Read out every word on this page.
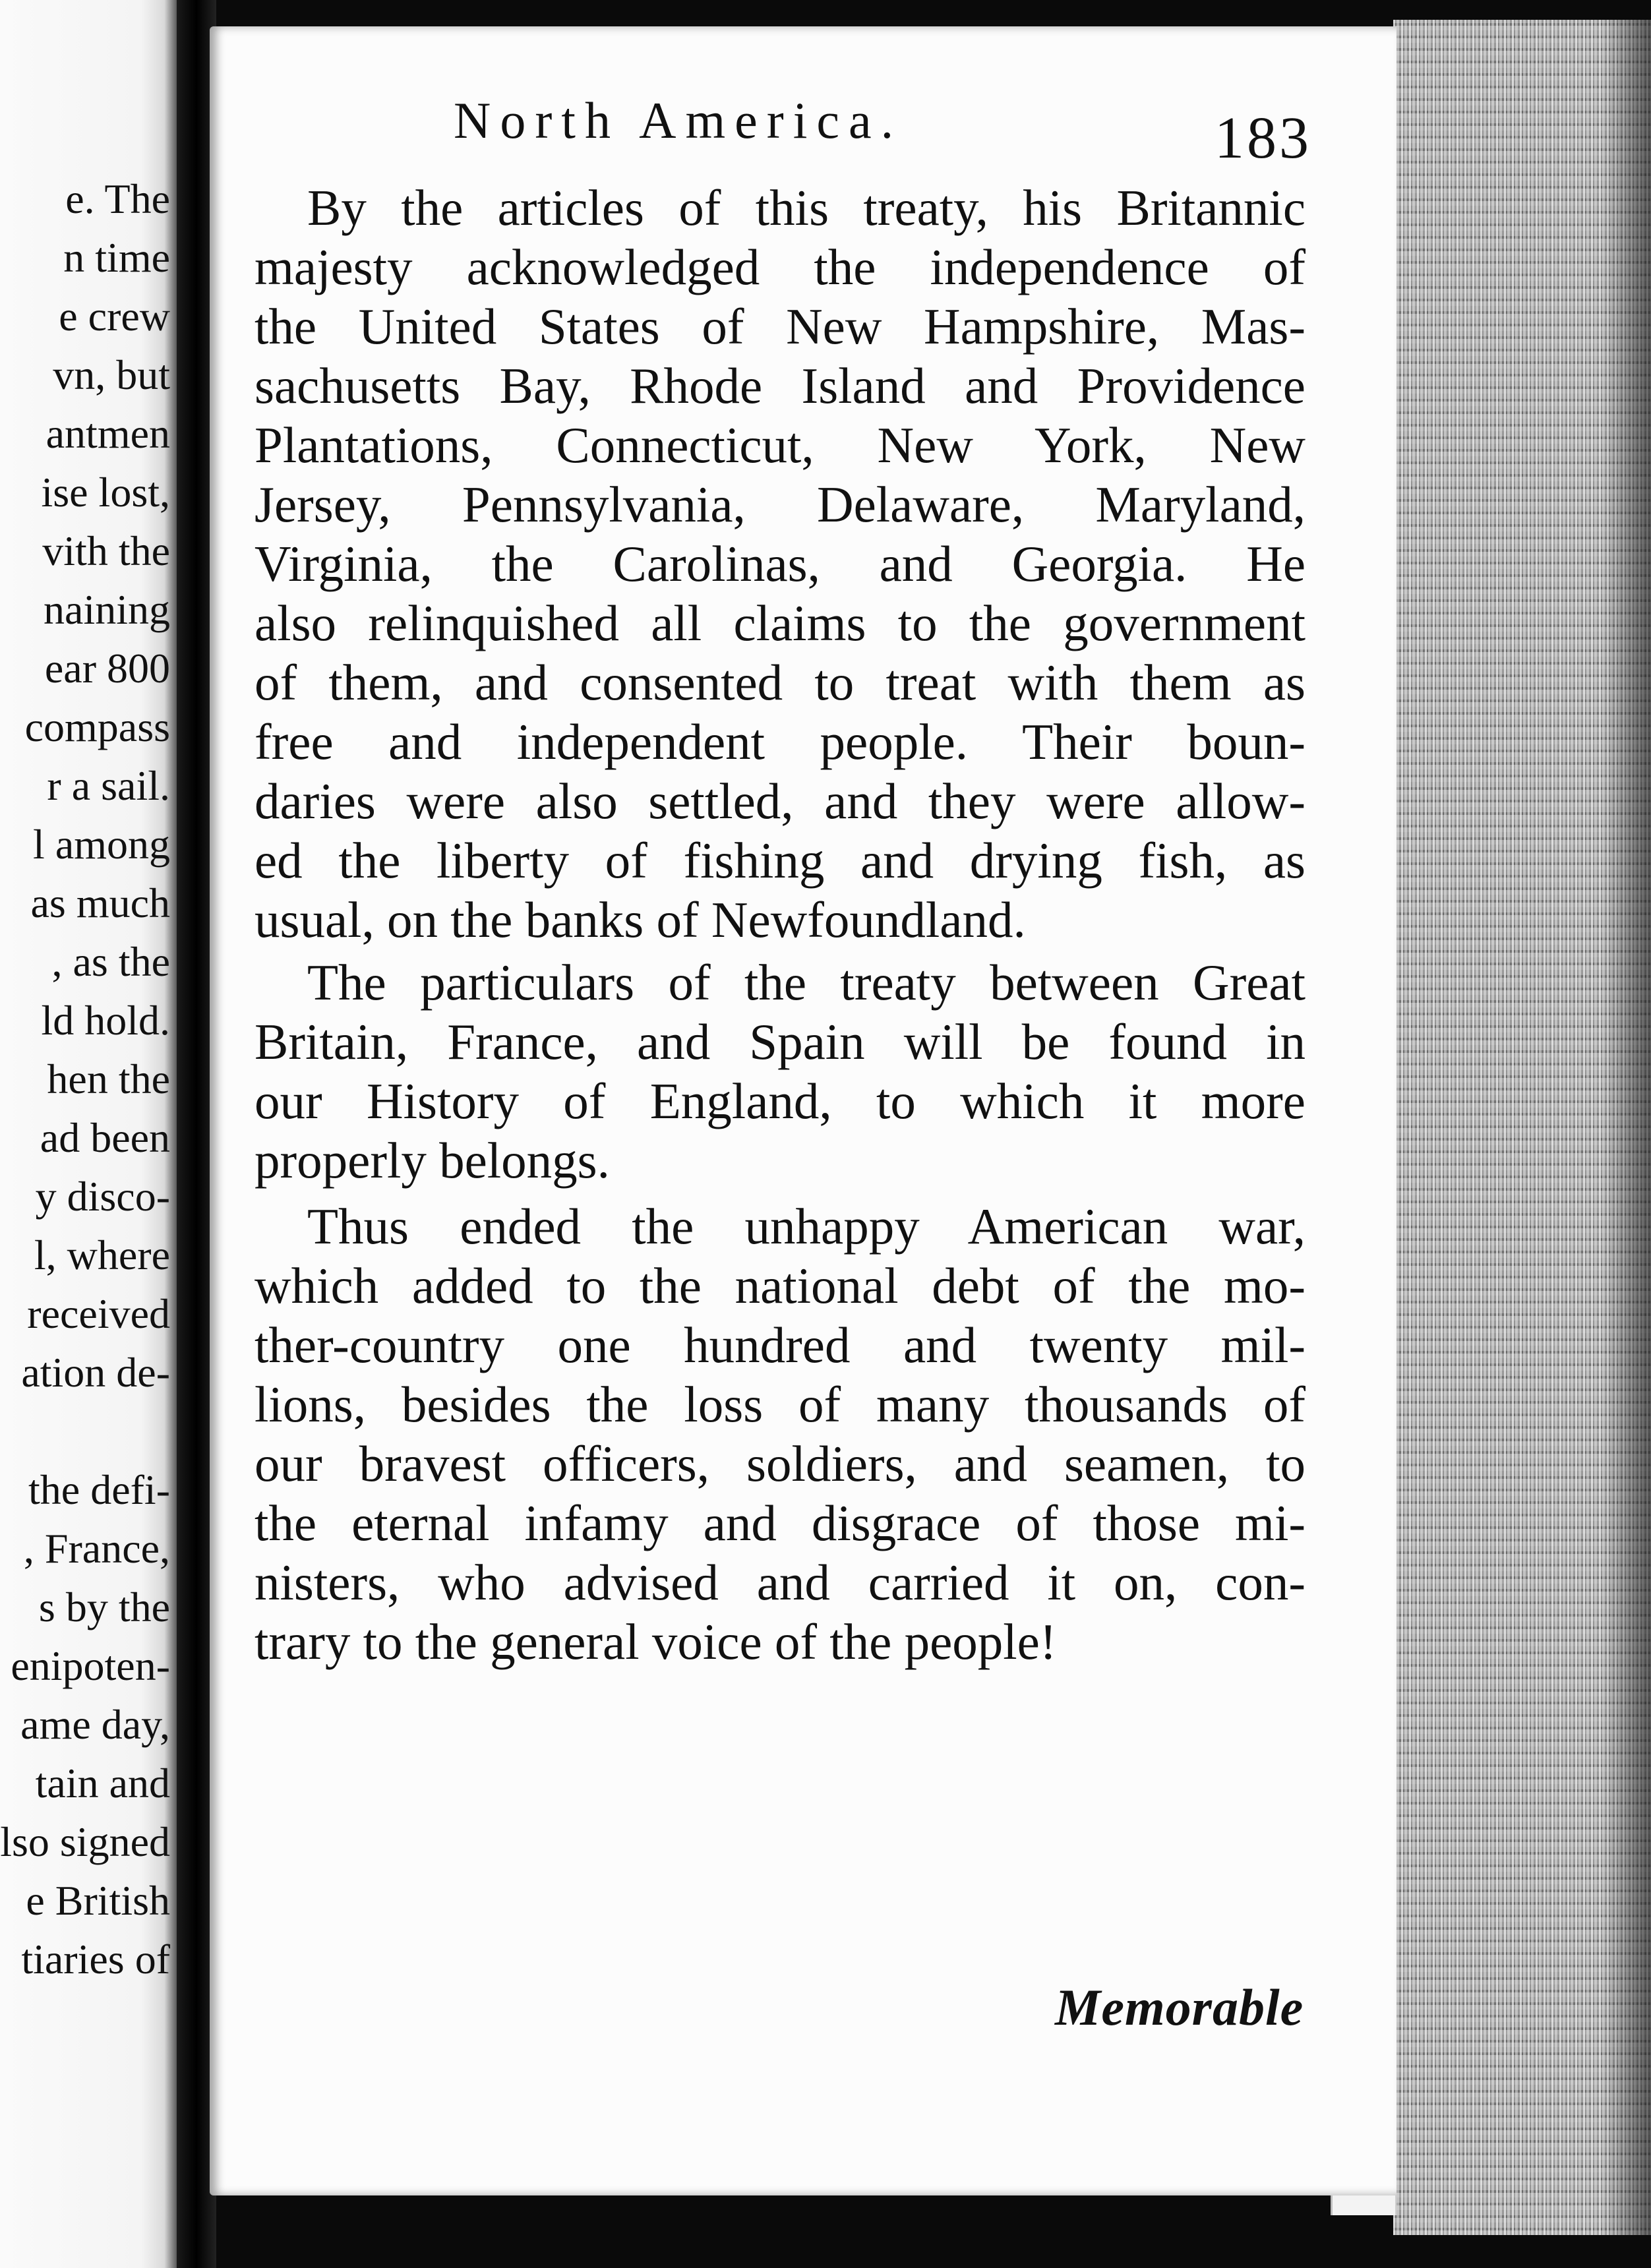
e. The
n time
e crew
vn, but
antmen
ise lost,
vith the
naining
ear 800
compass
r a sail.
l among
as much
, as the
ld hold.
hen the
ad been
y disco-
l, where
received
ation de-
the defi-
, France,
s by the
enipoten-
ame day,
tain and
lso signed
e British
tiaries of
North America.	183
By the articles of this treaty, his Britannic
majesty acknowledged the independence of
the United States of New Hampshire, Mas-
sachusetts Bay, Rhode Island and Providence
Plantations, Connecticut, New York, New
Jersey, Pennsylvania, Delaware, Maryland,
Virginia, the Carolinas, and Georgia. He
also relinquished all claims to the government
of them, and consented to treat with them as
free and independent people. Their boun-
daries were also settled, and they were allow-
ed the liberty of fishing and drying fish, as
usual, on the banks of Newfoundland.
The particulars of the treaty between Great
Britain, France, and Spain will be found in
our History of England, to which it more
properly belongs.
Thus ended the unhappy American war,
which added to the national debt of the mo-
ther-country one hundred and twenty mil-
lions, besides the loss of many thousands of
our bravest officers, soldiers, and seamen, to
the eternal infamy and disgrace of those mi-
nisters, who advised and carried it on, con-
trary to the general voice of the people!
Memorable
